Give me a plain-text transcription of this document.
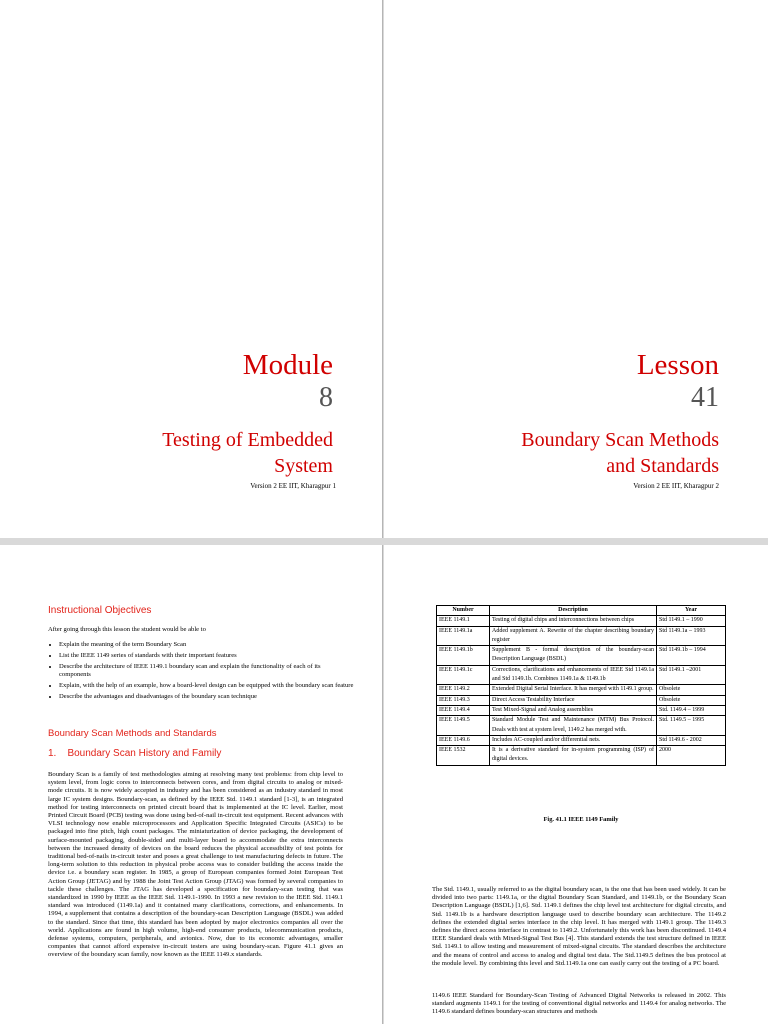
Module
8
Testing of Embedded
System
Version 2 EE IIT, Kharagpur 1
Lesson
41
Boundary Scan Methods
and Standards
Version 2 EE IIT, Kharagpur 2
Instructional Objectives
After going through this lesson the student would be able to
• Explain the meaning of the term Boundary Scan
• List the IEEE 1149 series of standards with their important features
• Describe the architecture of IEEE 1149.1 boundary scan and explain the functionality of each of its components
• Explain, with the help of an example, how a board-level design can be equipped with the boundary scan feature
• Describe the advantages and disadvantages of the boundary scan technique
Boundary Scan Methods and Standards
1.    Boundary Scan History and Family
Boundary Scan is a family of test methodologies aiming at resolving many test problems: from chip level to system level, from logic cores to interconnects between cores, and from digital circuits to analog or mixed-mode circuits. It is now widely accepted in industry and has been considered as an industry standard in most large IC system designs. Boundary-scan, as defined by the IEEE Std. 1149.1 standard [1-3], is an integrated method for testing interconnects on printed circuit board that is implemented at the IC level. Earlier, most Printed Circuit Board (PCB) testing was done using bed-of-nail in-circuit test equipment. Recent advances with VLSI technology now enable microprocessors and Application Specific Integrated Circuits (ASICs) to be packaged into fine pitch, high count packages. The miniaturization of device packaging, the development of surface-mounted packaging, double-sided and multi-layer board to accommodate the extra interconnects between the increased density of devices on the board reduces the physical accessibility of test points for traditional bed-of-nails in-circuit tester and poses a great challenge to test manufacturing defects in future. The long-term solution to this reduction in physical probe access was to consider building the access inside the device i.e. a boundary scan register. In 1985, a group of European companies formed Joint European Test Action Group (JETAG) and by 1988 the Joint Test Action Group (JTAG) was formed by several companies to tackle these challenges. The JTAG has developed a specification for boundary-scan testing that was standardized in 1990 by IEEE as the IEEE Std. 1149.1-1990. In 1993 a new revision to the IEEE Std. 1149.1 standard was introduced (1149.1a) and it contained many clarifications, corrections, and enhancements. In 1994, a supplement that contains a description of the boundary-scan Description Language (BSDL) was added to the standard. Since that time, this standard has been adopted by major electronics companies all over the world. Applications are found in high volume, high-end consumer products, telecommunication products, defense systems, computers, peripherals, and avionics. Now, due to its economic advantages, smaller companies that cannot afford expensive in-circuit testers are using boundary-scan. Figure 41.1 gives an overview of the boundary scan family, now known as the IEEE 1149.x standards.
Number	Description	Year
IEEE 1149.1	Testing of digital chips and interconnections between chips	Std 1149.1 – 1990
IEEE 1149.1a	Added supplement A. Rewrite of the chapter describing boundary register	Std 1149.1a – 1993
IEEE 1149.1b	Supplement B - formal description of the boundary-scan Description Language (BSDL)	Std 1149.1b – 1994
IEEE 1149.1c	Corrections, clarifications and enhancements of IEEE Std 1149.1a and Std 1149.1b. Combines 1149.1a & 1149.1b	Std 1149.1 –2001
IEEE 1149.2	Extended Digital Serial Interface. It has merged with 1149.1 group.	Obsolete
IEEE 1149.3	Direct Access Testability Interface	Obsolete
IEEE 1149.4	Test Mixed-Signal and Analog assemblies	Std. 1149.4 – 1999
IEEE 1149.5	Standard Module Test and Maintenance (MTM) Bus Protocol. Deals with test at system level, 1149.2 has merged with.	Std. 1149.5 – 1995
IEEE 1149.6	Includes AC-coupled and/or differential nets.	Std 1149.6 - 2002
IEEE 1532	It is a derivative standard for in-system programming (ISP) of digital devices.	2000
Fig. 41.1 IEEE 1149 Family
The Std. 1149.1, usually referred to as the digital boundary scan, is the one that has been used widely. It can be divided into two parts: 1149.1a, or the digital Boundary Scan Standard, and 1149.1b, or the Boundary Scan Description Language (BSDL) [1,6]. Std. 1149.1 defines the chip level test architecture for digital circuits, and Std. 1149.1b is a hardware description language used to describe boundary scan architecture. The 1149.2 defines the extended digital series interface in the chip level. It has merged with 1149.1 group. The 1149.3 defines the direct access interface in contrast to 1149.2. Unfortunately this work has been discontinued. 1149.4 IEEE Standard deals with Mixed-Signal Test Bus [4]. This standard extends the test structure defined in IEEE Std. 1149.1 to allow testing and measurement of mixed-signal circuits. The standard describes the architecture and the means of control and access to analog and digital test data. The Std.1149.5 defines the bus protocol at the module level. By combining this level and Std.1149.1a one can easily carry out the testing of a PC board.
1149.6 IEEE Standard for Boundary-Scan Testing of Advanced Digital Networks is released in 2002. This standard augments 1149.1 for the testing of conventional digital networks and 1149.4 for analog networks. The 1149.6 standard defines boundary-scan structures and methods
